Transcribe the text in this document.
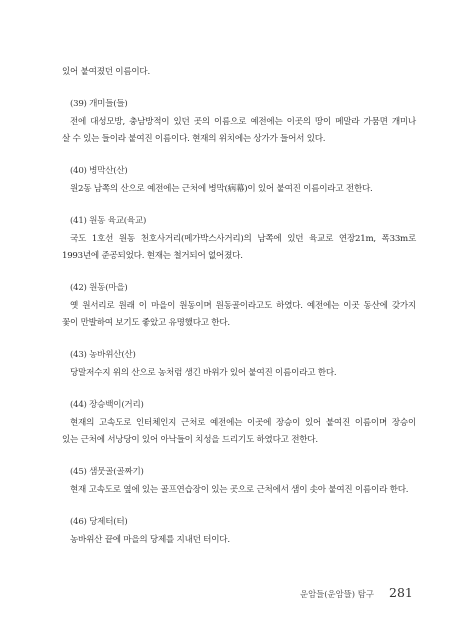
있어 붙여졌던 이름이다.
(39) 개미들(들)
전에 대성모방, 충남방적이 있던 곳의 이름으로 예전에는 이곳의 땅이 메말라 가뭄면 개미나
살 수 있는 들이라 붙여진 이름이다. 현재의 위치에는 상가가 들어서 있다.
(40) 병막산(산)
원2동 남쪽의 산으로 예전에는 근처에 병막(病幕)이 있어 붙여진 이름이라고 전한다.
(41) 원동 육교(육교)
국도 1호선 원동 천호사거리(메가박스사거리)의 남쪽에 있던 육교로 연장21m, 폭33m로
1993년에 준공되었다. 현재는 철거되어 없어졌다.
(42) 원동(마을)
옛 원서리로 원래 이 마을이 원동이며 원동골이라고도 하였다. 예전에는 이곳 동산에 갖가지
꽃이 만발하여 보기도 좋았고 유명했다고 한다.
(43) 농바위산(산)
당말저수지 위의 산으로 농처럼 생긴 바위가 있어 붙여진 이름이라고 한다.
(44) 장승백이(거리)
현재의 고속도로 인터체인지 근처로 예전에는 이곳에 장승이 있어 붙여진 이름이며 장승이
있는 근처에 서낭당이 있어 아낙들이 치성을 드리기도 하였다고 전한다.
(45) 샘뭇골(골짜기)
현재 고속도로 옆에 있는 골프연습장이 있는 곳으로 근처에서 샘이 솟아 붙여진 이름이라 한다.
(46) 당제터(터)
농바위산 끝에 마을의 당제를 지내던 터이다.
운암들(운암뜰) 탐구 281
